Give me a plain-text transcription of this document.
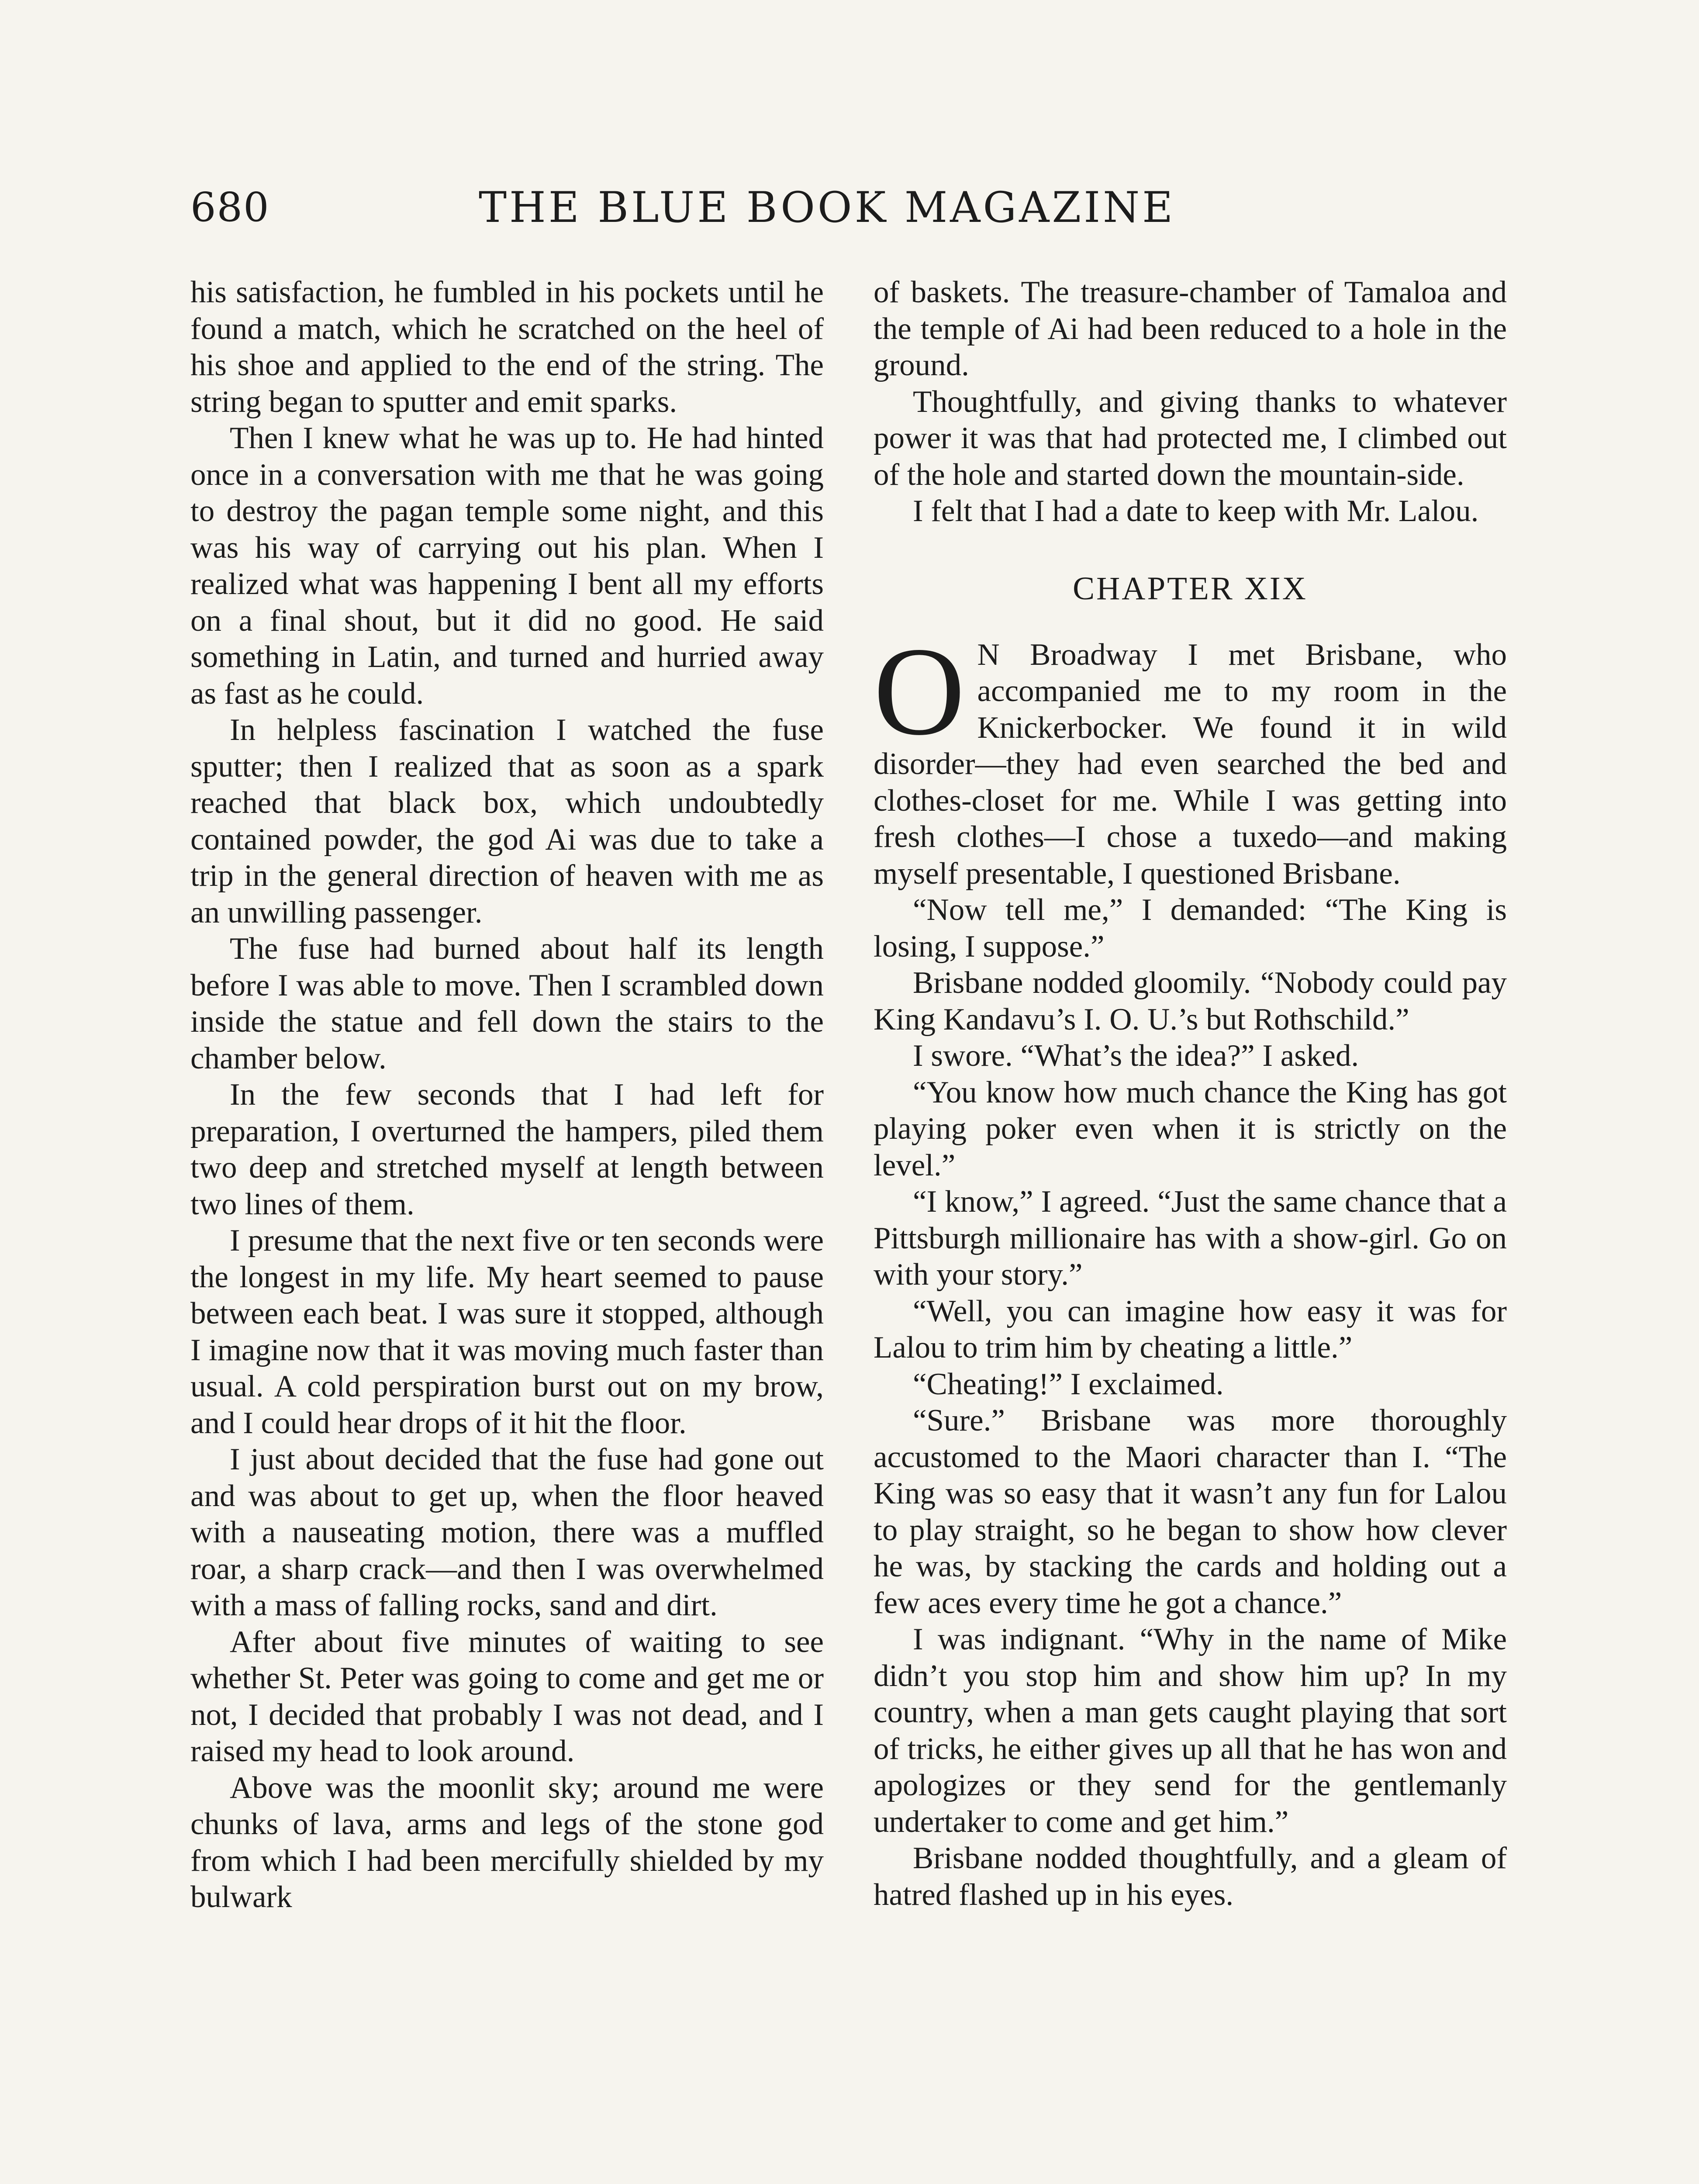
680	THE BLUE BOOK MAGAZINE

his satisfaction, he fumbled in his pockets until he found a match, which he scratched on the heel of his shoe and applied to the end of the string. The string began to sputter and emit sparks.

Then I knew what he was up to. He had hinted once in a conversation with me that he was going to destroy the pagan temple some night, and this was his way of carrying out his plan. When I realized what was happening I bent all my efforts on a final shout, but it did no good. He said something in Latin, and turned and hurried away as fast as he could.

In helpless fascination I watched the fuse sputter; then I realized that as soon as a spark reached that black box, which undoubtedly contained powder, the god Ai was due to take a trip in the general direction of heaven with me as an unwilling passenger.

The fuse had burned about half its length before I was able to move. Then I scrambled down inside the statue and fell down the stairs to the chamber below.

In the few seconds that I had left for preparation, I overturned the hampers, piled them two deep and stretched myself at length between two lines of them.

I presume that the next five or ten seconds were the longest in my life. My heart seemed to pause between each beat. I was sure it stopped, although I imagine now that it was moving much faster than usual. A cold perspiration burst out on my brow, and I could hear drops of it hit the floor.

I just about decided that the fuse had gone out and was about to get up, when the floor heaved with a nauseating motion, there was a muffled roar, a sharp crack—and then I was overwhelmed with a mass of falling rocks, sand and dirt.

After about five minutes of waiting to see whether St. Peter was going to come and get me or not, I decided that probably I was not dead, and I raised my head to look around.

Above was the moonlit sky; around me were chunks of lava, arms and legs of the stone god from which I had been mercifully shielded by my bulwark

of baskets. The treasure-chamber of Tamaloa and the temple of Ai had been reduced to a hole in the ground.

Thoughtfully, and giving thanks to whatever power it was that had protected me, I climbed out of the hole and started down the mountain-side.

I felt that I had a date to keep with Mr. Lalou.

CHAPTER XIX

O N Broadway I met Brisbane, who accompanied me to my room in the Knickerbocker. We found it in wild disorder—they had even searched the bed and clothes-closet for me. While I was getting into fresh clothes—I chose a tuxedo—and making myself presentable, I questioned Brisbane.

“Now tell me,” I demanded: “The King is losing, I suppose.”

Brisbane nodded gloomily. “Nobody could pay King Kandavu’s I. O. U.’s but Rothschild.”

I swore. “What’s the idea?” I asked.

“You know how much chance the King has got playing poker even when it is strictly on the level.”

“I know,” I agreed. “Just the same chance that a Pittsburgh millionaire has with a show-girl. Go on with your story.”

“Well, you can imagine how easy it was for Lalou to trim him by cheating a little.”

“Cheating!” I exclaimed.

“Sure.” Brisbane was more thoroughly accustomed to the Maori character than I. “The King was so easy that it wasn’t any fun for Lalou to play straight, so he began to show how clever he was, by stacking the cards and holding out a few aces every time he got a chance.”

I was indignant. “Why in the name of Mike didn’t you stop him and show him up? In my country, when a man gets caught playing that sort of tricks, he either gives up all that he has won and apologizes or they send for the gentlemanly undertaker to come and get him.”

Brisbane nodded thoughtfully, and a gleam of hatred flashed up in his eyes.
